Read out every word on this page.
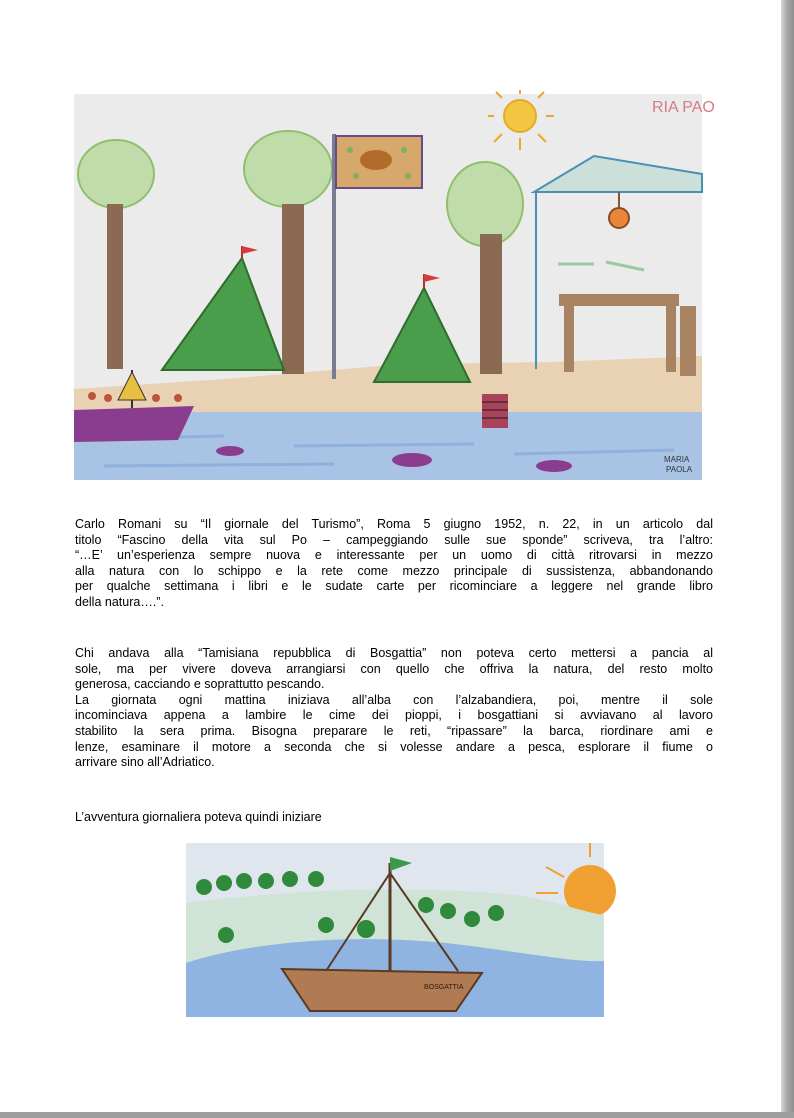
RIA PAO
MARIA
PAOLA
Carlo Romani su “Il giornale del Turismo”, Roma 5 giugno 1952, n. 22, in un articolo dal
titolo “Fascino della vita sul Po – campeggiando sulle sue sponde” scriveva, tra l’altro:
“…E’ un’esperienza sempre nuova e interessante per un uomo di città ritrovarsi in mezzo
alla natura con lo schippo e la rete come mezzo principale di sussistenza, abbandonando
per qualche settimana i libri e le sudate carte per ricominciare a leggere nel grande libro
della natura….”.
Chi andava alla “Tamisiana repubblica di Bosgattia” non poteva certo mettersi a pancia al
sole, ma per vivere doveva arrangiarsi con quello che offriva la natura, del resto molto
generosa, cacciando e soprattutto pescando.
La giornata ogni mattina iniziava all’alba con l’alzabandiera, poi, mentre il sole
incominciava appena a lambire le cime dei pioppi, i bosgattiani si avviavano al lavoro
stabilito la sera prima. Bisogna preparare le reti, “ripassare” la barca, riordinare ami e
lenze, esaminare il motore a seconda che si volesse andare a pesca, esplorare il fiume o
arrivare sino all’Adriatico.
L’avventura giornaliera poteva quindi iniziare
BOSGATTIA
